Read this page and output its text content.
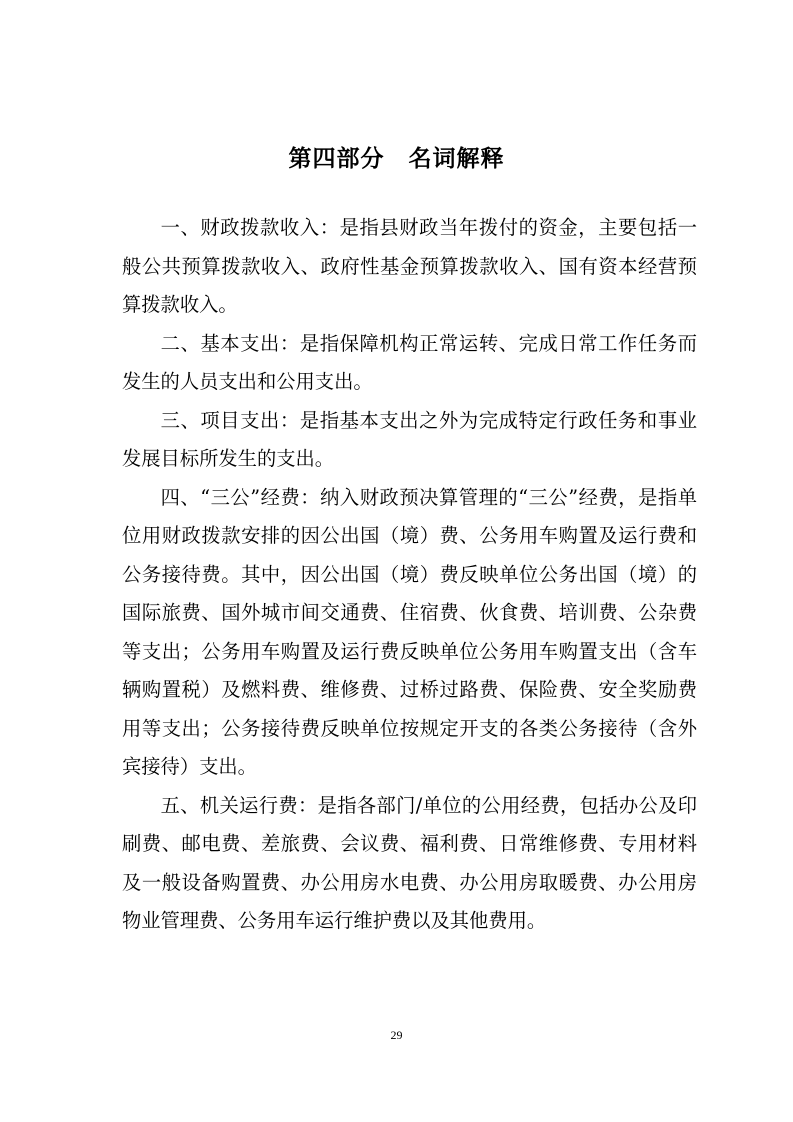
第四部分　名词解释

一、财政拨款收入：是指县财政当年拨付的资金，主要包括一般公共预算拨款收入、政府性基金预算拨款收入、国有资本经营预算拨款收入。

二、基本支出：是指保障机构正常运转、完成日常工作任务而发生的人员支出和公用支出。

三、项目支出：是指基本支出之外为完成特定行政任务和事业发展目标所发生的支出。

四、“三公”经费：纳入财政预决算管理的“三公”经费，是指单位用财政拨款安排的因公出国（境）费、公务用车购置及运行费和公务接待费。其中，因公出国（境）费反映单位公务出国（境）的国际旅费、国外城市间交通费、住宿费、伙食费、培训费、公杂费等支出；公务用车购置及运行费反映单位公务用车购置支出（含车辆购置税）及燃料费、维修费、过桥过路费、保险费、安全奖励费用等支出；公务接待费反映单位按规定开支的各类公务接待（含外宾接待）支出。

五、机关运行费：是指各部门/单位的公用经费，包括办公及印刷费、邮电费、差旅费、会议费、福利费、日常维修费、专用材料及一般设备购置费、办公用房水电费、办公用房取暖费、办公用房物业管理费、公务用车运行维护费以及其他费用。

29
